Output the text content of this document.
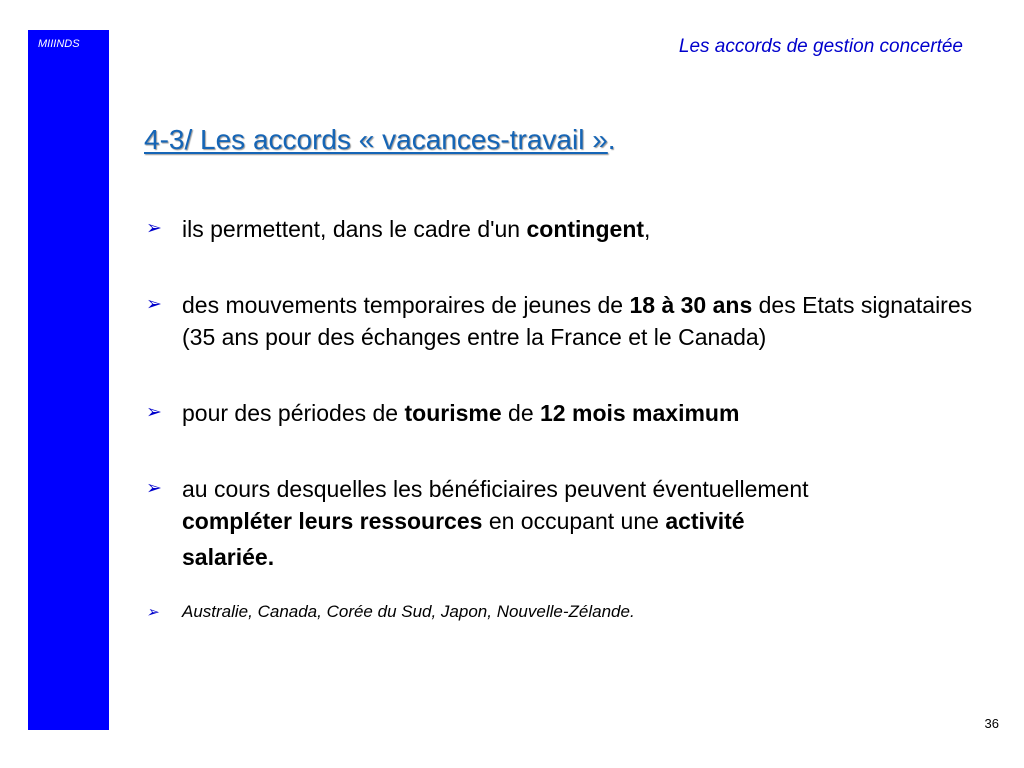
MIIINDS	Les accords de gestion concertée
4-3/ Les accords « vacances-travail ».
➢ ils permettent, dans le cadre d'un contingent,
➢ des mouvements temporaires de jeunes de 18 à 30 ans des Etats signataires (35 ans pour des échanges entre la France et le Canada)
➢ pour des périodes de tourisme de 12 mois maximum
➢ au cours desquelles les bénéficiaires peuvent éventuellement
compléter leurs ressources en occupant une activité
salariée.
➢ Australie, Canada, Corée du Sud, Japon, Nouvelle-Zélande.
36
